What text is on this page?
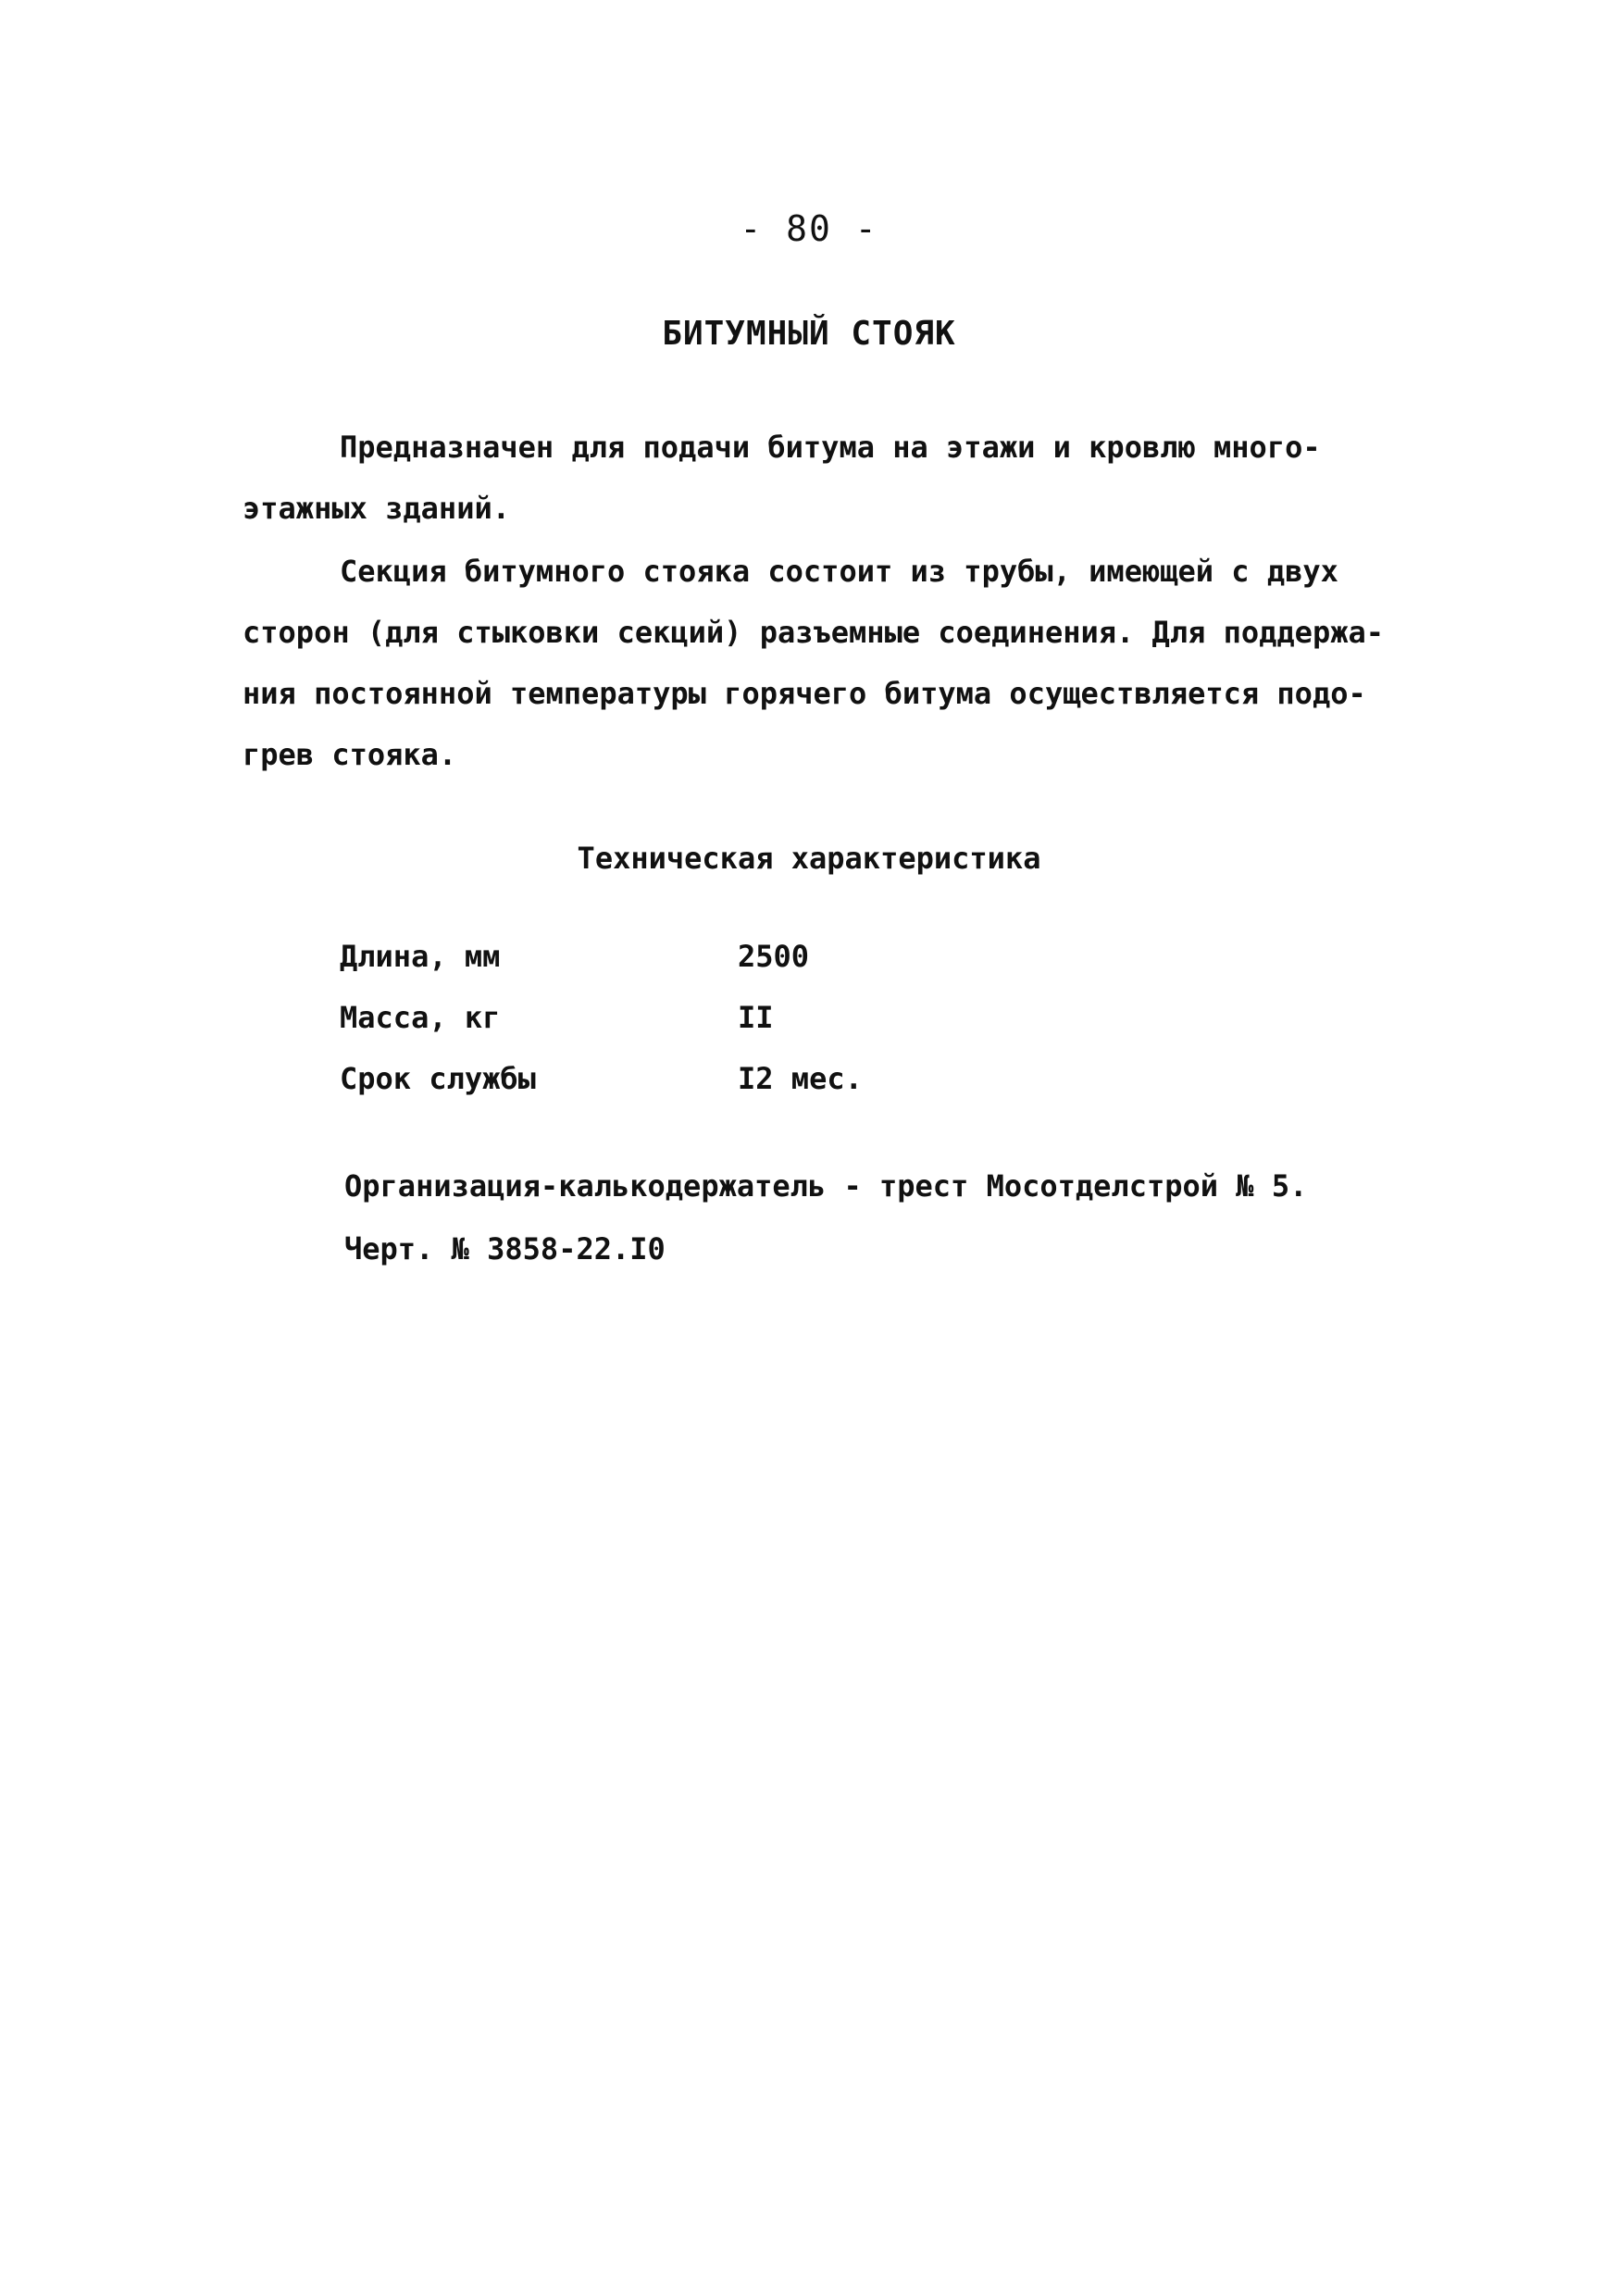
- 80 -
БИТУМНЫЙ СТОЯК

Предназначен для подачи битума на этажи и кровлю много-
этажных зданий.

Секция битумного стояка состоит из трубы, имеющей с двух
сторон (для стыковки секций) разъемные соединения. Для поддержа-
ния постоянной температуры горячего битума осуществляется подо-
грев стояка.

Техническая характеристика
Длина, мм	2500
Масса, кг	II
Срок службы	I2 мес.
Организация-калькодержатель - трест Мосотделстрой № 5.
Черт. № 3858-22.I0
